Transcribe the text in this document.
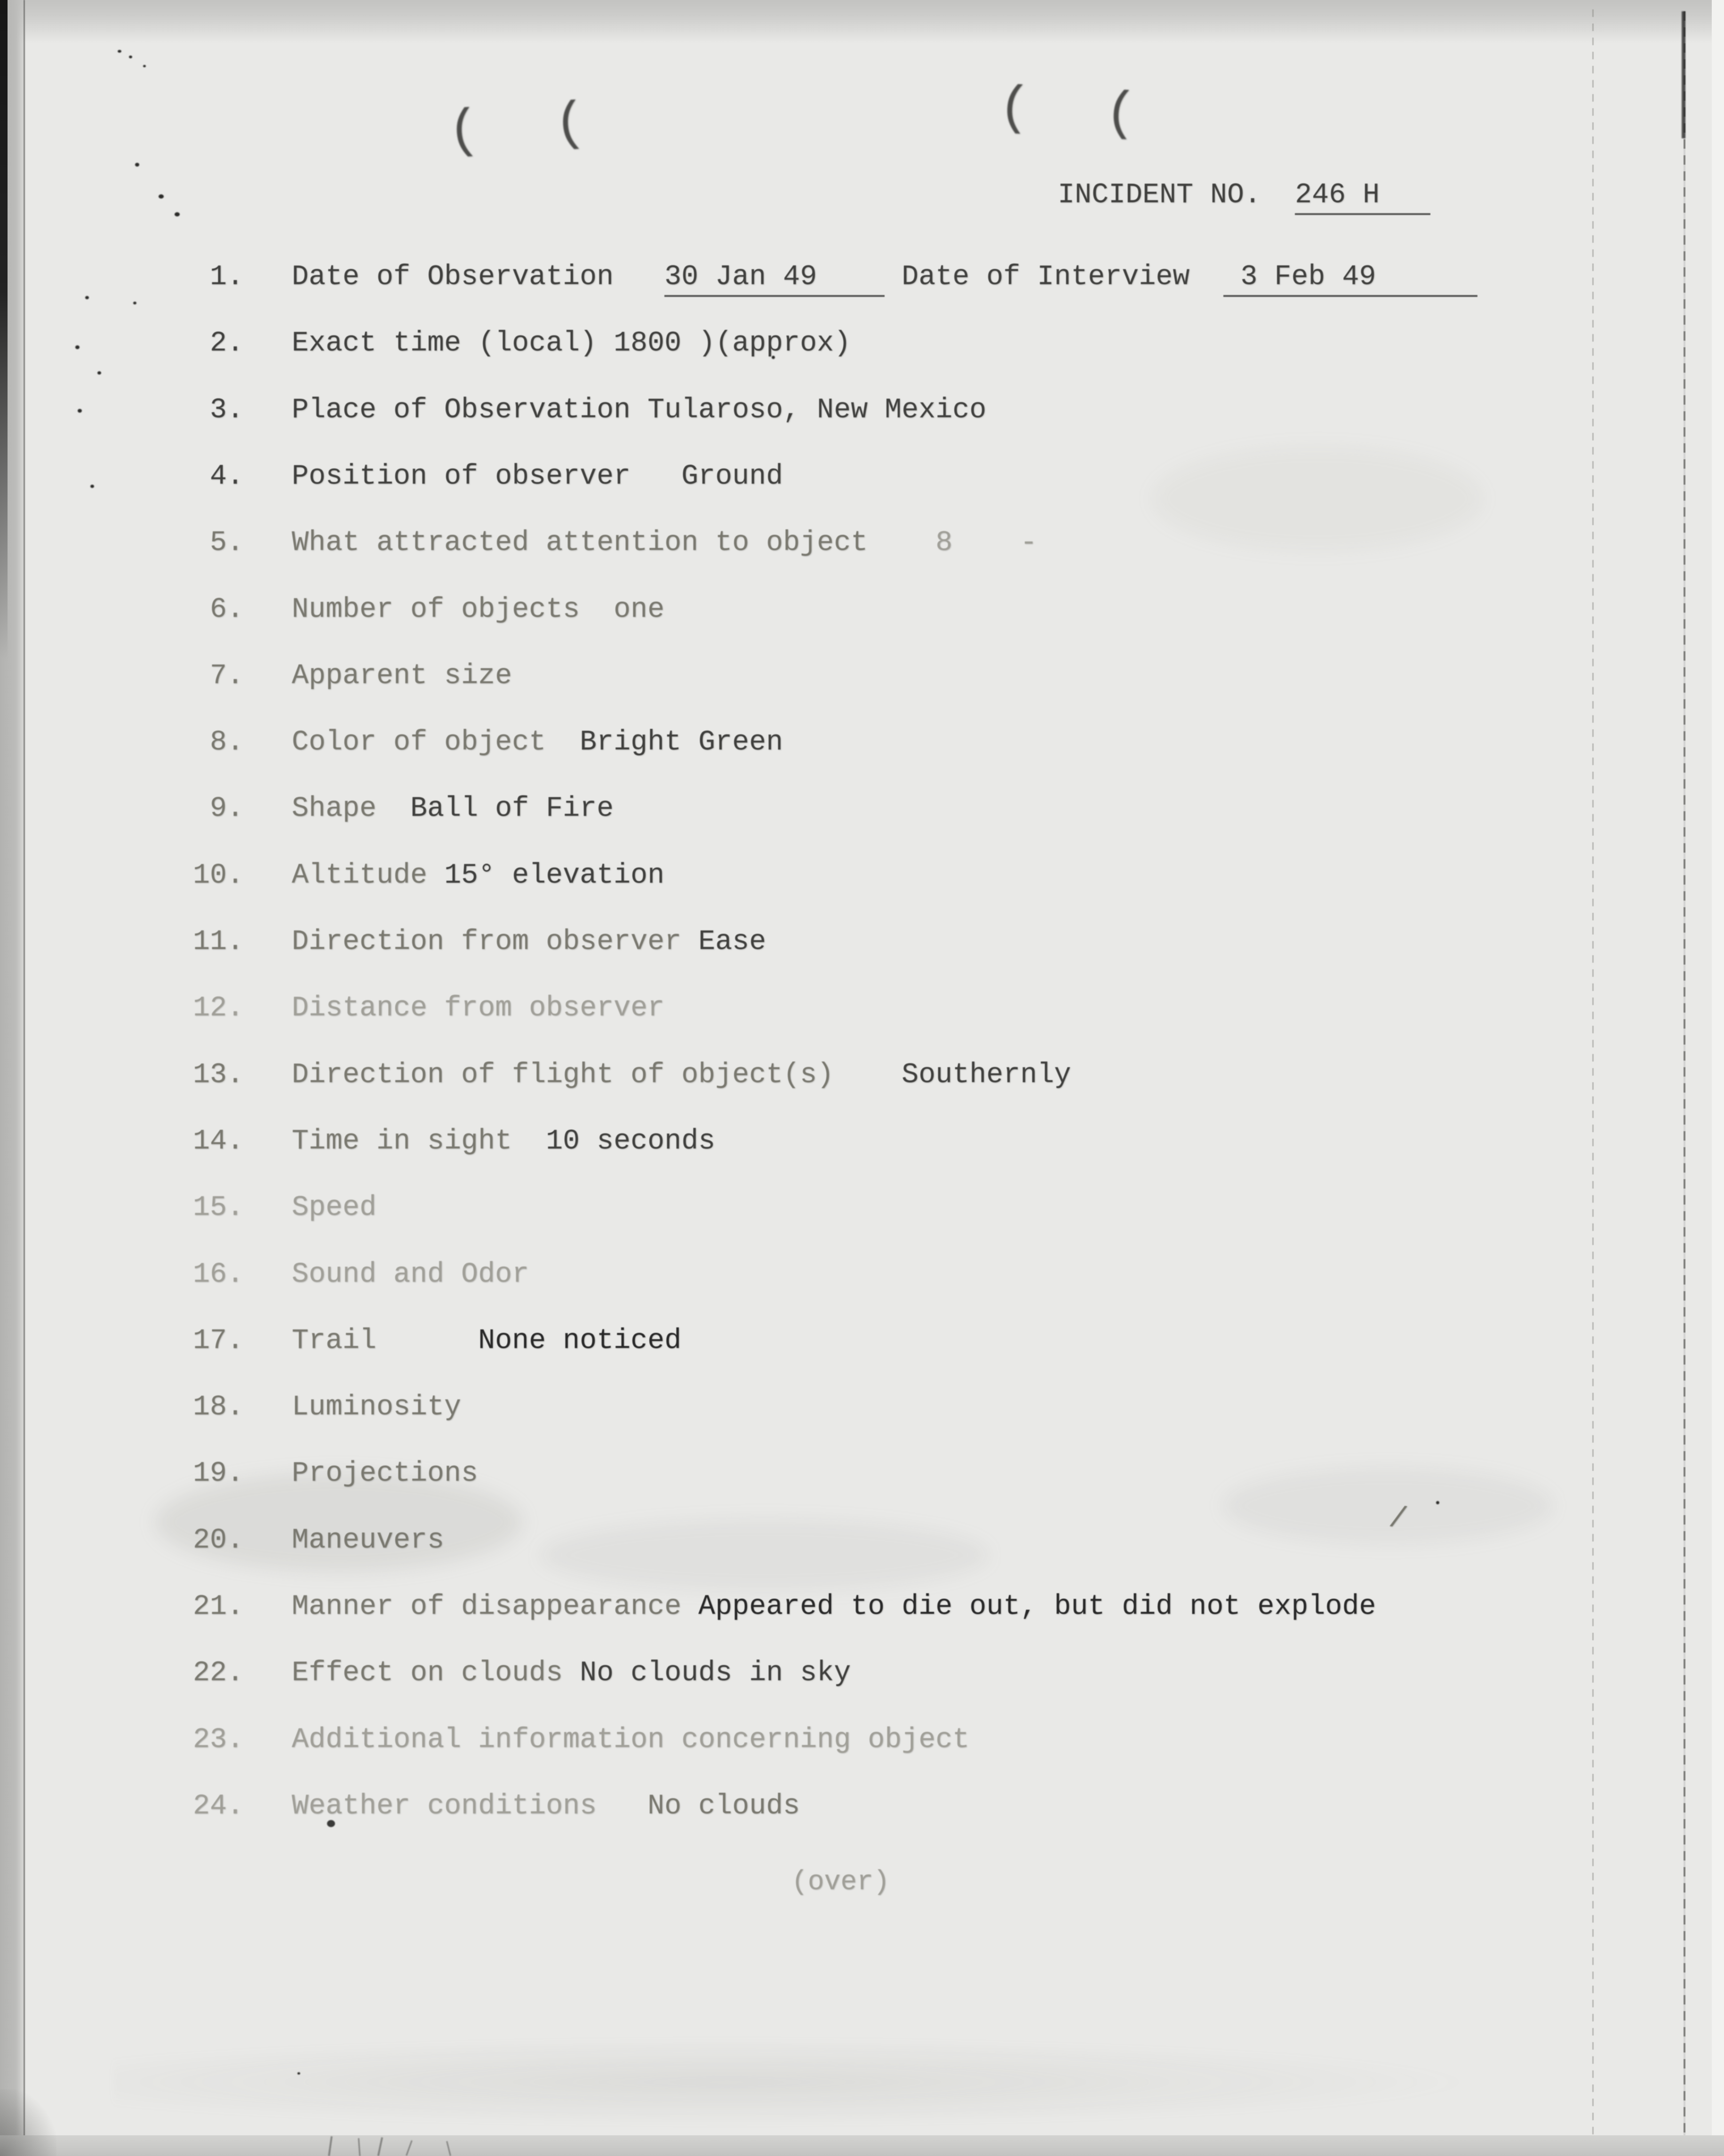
( (	( (
INCIDENT NO.  246 H

1. Date of Observation   30 Jan 49     Date of Interview   3 Feb 49
2. Exact time (local) 1800 )(approx)
3. Place of Observation Tularoso, New Mexico
4. Position of observer   Ground
5. What attracted attention to object    8    -
6. Number of objects  one
7. Apparent size
8. Color of object  Bright Green
9. Shape  Ball of Fire
10. Altitude 15° elevation
11. Direction from observer Ease
12. Distance from observer
13. Direction of flight of object(s)    Southernly
14. Time in sight  10 seconds
15. Speed
16. Sound and Odor
17. Trail      None noticed
18. Luminosity
19. Projections
20. Maneuvers
21. Manner of disappearance Appeared to die out, but did not explode
22. Effect on clouds No clouds in sky
23. Additional information concerning object
24. Weather conditions   No clouds
(over)
/
